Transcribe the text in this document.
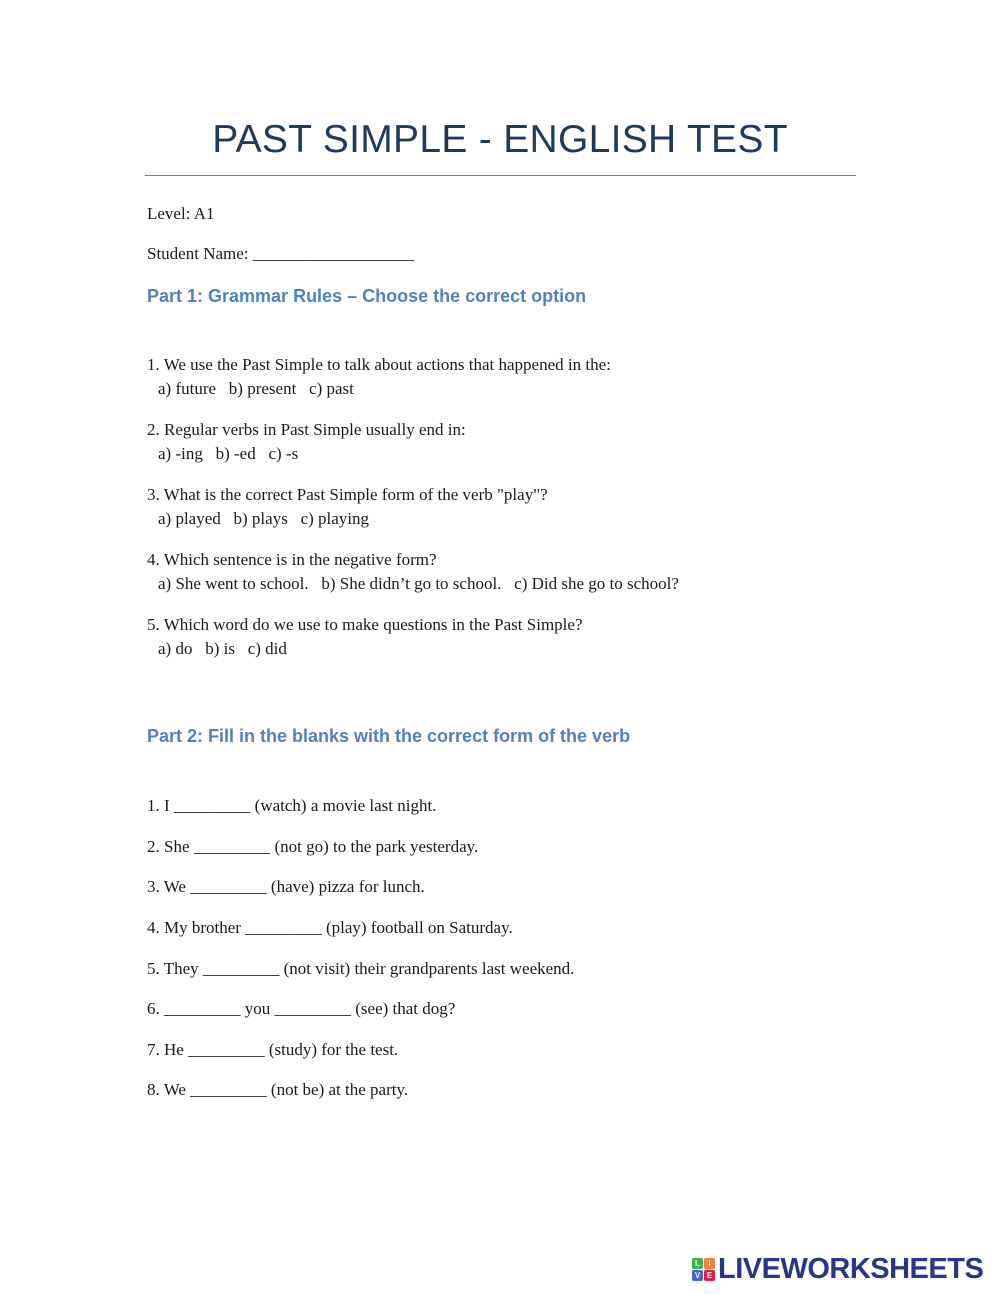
PAST SIMPLE - ENGLISH TEST

Level: A1

Student Name: ___________________

Part 1: Grammar Rules – Choose the correct option

1. We use the Past Simple to talk about actions that happened in the:

a) future   b) present   c) past

2. Regular verbs in Past Simple usually end in:

a) -ing   b) -ed   c) -s

3. What is the correct Past Simple form of the verb "play"?

a) played   b) plays   c) playing

4. Which sentence is in the negative form?

a) She went to school.   b) She didn’t go to school.   c) Did she go to school?

5. Which word do we use to make questions in the Past Simple?

a) do   b) is   c) did

Part 2: Fill in the blanks with the correct form of the verb

1. I _________ (watch) a movie last night.

2. She _________ (not go) to the park yesterday.

3. We _________ (have) pizza for lunch.

4. My brother _________ (play) football on Saturday.

5. They _________ (not visit) their grandparents last weekend.

6. _________ you _________ (see) that dog?

7. He _________ (study) for the test.

8. We _________ (not be) at the party.

L	I
V E LIVEWORKSHEETS
